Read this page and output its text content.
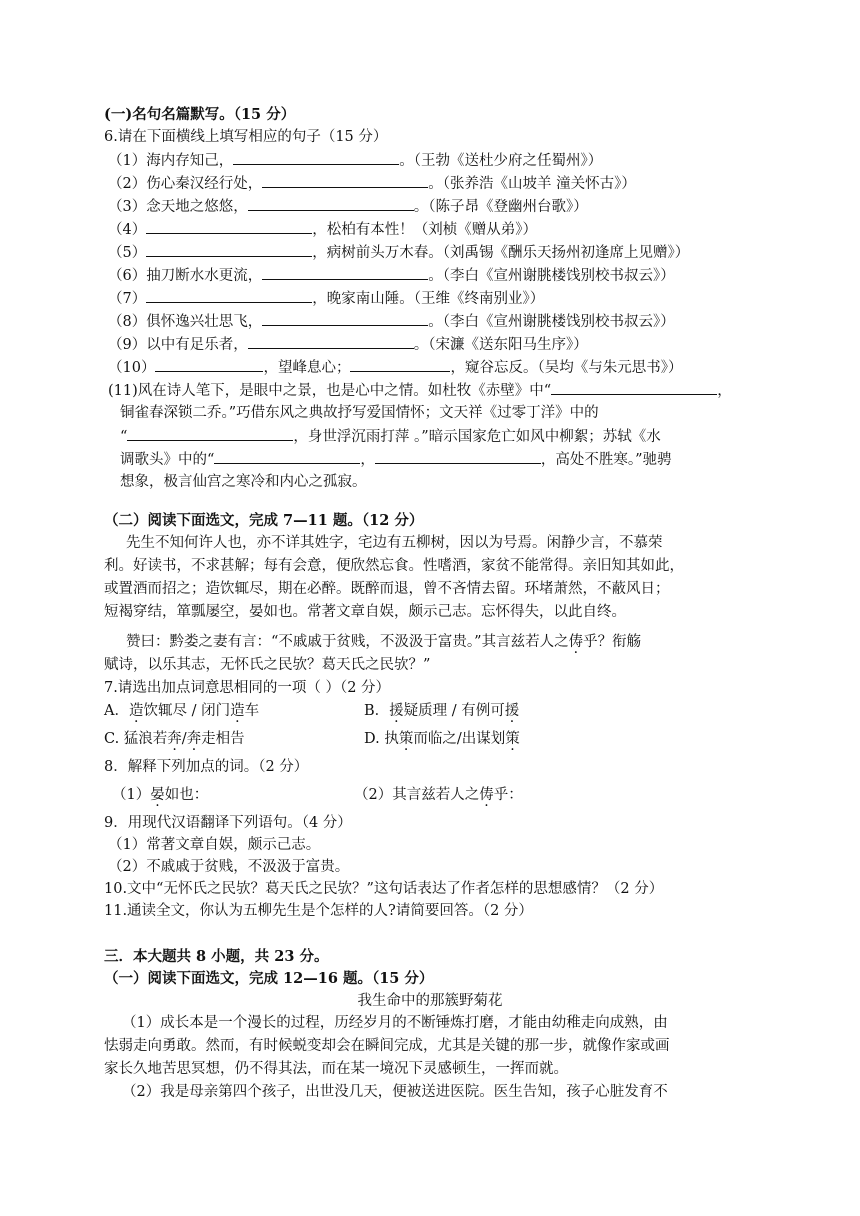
(一)名句名篇默写。（15 分）
6.请在下面横线上填写相应的句子（15 分）
（1）海内存知己，	。（王勃《送杜少府之任蜀州》）
（2）伤心秦汉经行处，	。（张养浩《山坡羊 潼关怀古》）
（3）念天地之悠悠，	。（陈子昂《登幽州台歌》）
（4）	，松柏有本性！（刘桢《赠从弟》）
（5）	，病树前头万木春。（刘禹锡《酬乐天扬州初逢席上见赠》）
（6）抽刀断水水更流，	。（李白《宣州谢朓楼饯别校书叔云》）
（7）	，晚家南山陲。（王维《终南别业》）
（8）俱怀逸兴壮思飞，	。（李白《宣州谢朓楼饯别校书叔云》）
（9）以中有足乐者，	。（宋濂《送东阳马生序》）
（10）	，望峰息心；	，窥谷忘反。（吴均《与朱元思书》）
(11)风在诗人笔下，是眼中之景，也是心中之情。如杜牧《赤壁》中“	，
铜雀春深锁二乔。”巧借东风之典故抒写爱国情怀；文天祥《过零丁洋》中的
“	，身世浮沉雨打萍 。”暗示国家危亡如风中柳絮；苏轼《水
调歌头》中的“	，	，高处不胜寒。”驰骋
想象，极言仙宫之寒冷和内心之孤寂。
（二）阅读下面选文，完成 7—11 题。（12 分）
先生不知何许人也，亦不详其姓字，宅边有五柳树，因以为号焉。闲静少言，不慕荣
利。好读书，不求甚解；每有会意，便欣然忘食。性嗜酒，家贫不能常得。亲旧知其如此，
或置酒而招之；造饮辄尽，期在必醉。既醉而退，曾不吝情去留。环堵萧然，不蔽风日；
短褐穿结，箪瓢屡空，晏如也。常著文章自娱，颇示己志。忘怀得失，以此自终。
赞曰：黔娄之妻有言：“不戚戚于贫贱，不汲汲于富贵。”其言兹若人之俦乎？衔觞
赋诗，以乐其志，无怀氏之民欤？葛天氏之民欤？”
7.请选出加点词意思相同的一项（ ）（2 分）
A．造饮辄尽 / 闭门造车	B．援疑质理 / 有例可援
C. 猛浪若奔/奔走相告	D. 执策而临之/出谋划策
8．解释下列加点的词。（2 分）
（1）晏如也：	（2）其言兹若人之俦乎：
9．用现代汉语翻译下列语句。（4 分）
（1）常著文章自娱，颇示己志。
（2）不戚戚于贫贱，不汲汲于富贵。
10.文中“无怀氏之民欤？葛天氏之民欤？”这句话表达了作者怎样的思想感情？（2 分）
11.通读全文，你认为五柳先生是个怎样的人?请简要回答。（2 分）
三．本大题共 8 小题，共 23 分。
（一）阅读下面选文，完成 12—16 题。（15 分）
我生命中的那簇野菊花
（1）成长本是一个漫长的过程，历经岁月的不断锤炼打磨，才能由幼稚走向成熟，由
怯弱走向勇敢。然而，有时候蜕变却会在瞬间完成，尤其是关键的那一步，就像作家或画
家长久地苦思冥想，仍不得其法，而在某一境况下灵感顿生，一挥而就。
（2）我是母亲第四个孩子，出世没几天，便被送进医院。医生告知，孩子心脏发育不
